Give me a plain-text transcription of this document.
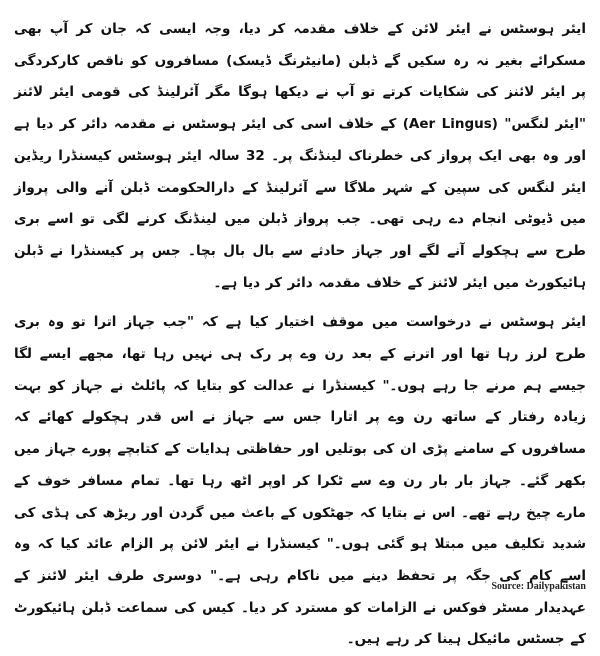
ایئر ہوسٹس نے ایئر لائن کے خلاف مقدمہ کر دیا، وجہ ایسی کہ جان کر آپ بھی مسکرائے بغیر نہ رہ سکیں گے ڈبلن (مانیٹرنگ ڈیسک) مسافروں کو ناقص کارکردگی پر ایئر لائنز کی شکایات کرتے تو آپ نے دیکھا ہوگا مگر آئرلینڈ کی قومی ایئر لائنز "ایئر لنگس" (Aer Lingus) کے خلاف اسی کی ایئر ہوسٹس نے مقدمہ دائر کر دیا ہے اور وہ بھی ایک پرواز کی خطرناک لینڈنگ پر۔ 32 سالہ ایئر ہوسٹس کیسنڈرا ریڈین ایئر لنگس کی سپین کے شہر ملاگا سے آئرلینڈ کے دارالحکومت ڈبلن آنے والی پرواز میں ڈیوٹی انجام دے رہی تھی۔ جب پرواز ڈبلن میں لینڈنگ کرنے لگی تو اسے بری طرح سے ہچکولے آنے لگے اور جہاز حادثے سے بال بال بچا۔ جس پر کیسنڈرا نے ڈبلن ہائیکورٹ میں ایئر لائنز کے خلاف مقدمہ دائر کر دیا ہے۔

ایئر ہوسٹس نے درخواست میں موقف اختیار کیا ہے کہ "جب جہاز اترا تو وہ بری طرح لرز رہا تھا اور اترنے کے بعد رن وے پر رک ہی نہیں رہا تھا، مجھے ایسے لگا جیسے ہم مرنے جا رہے ہوں۔" کیسنڈرا نے عدالت کو بتایا کہ پائلٹ نے جہاز کو بہت زیادہ رفتار کے ساتھ رن وے پر اتارا جس سے جہاز نے اس قدر ہچکولے کھائے کہ مسافروں کے سامنے پڑی ان کی بوتلیں اور حفاظتی ہدایات کے کتابچے پورے جہاز میں بکھر گئے۔ جہاز بار بار رن وے سے ٹکرا کر اوپر اٹھ رہا تھا۔ تمام مسافر خوف کے مارے چیخ رہے تھے۔ اس نے بتایا کہ جھٹکوں کے باعث میں گردن اور ریڑھ کی ہڈی کی شدید تکلیف میں مبتلا ہو گئی ہوں۔" کیسنڈرا نے ایئر لائن پر الزام عائد کیا کہ وہ اسے کام کی جگہ پر تحفظ دینے میں ناکام رہی ہے۔" دوسری طرف ایئر لائنز کے عہدیدار مسٹر فوکس نے الزامات کو مسترد کر دیا۔ کیس کی سماعت ڈبلن ہائیکورٹ کے جسٹس مائیکل ہینا کر رہے ہیں۔

Source: Dailypakistan
